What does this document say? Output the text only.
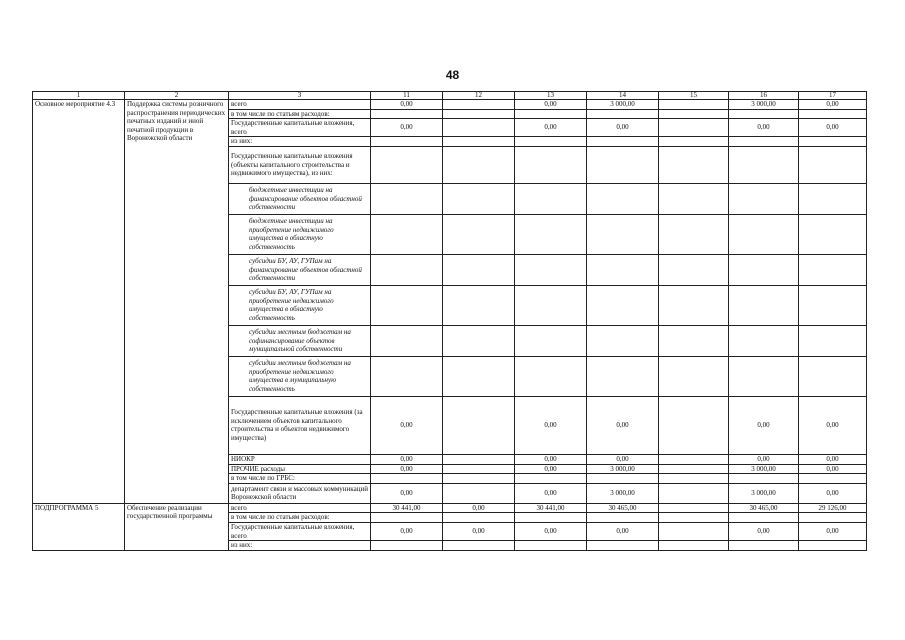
48
1	2	3	11	12	13	14	15	16	17
Основное мероприятие 4.3	Поддержка системы розничного распространения периодических печатных изданий и иной печатной продукции в Воронежской области	всего	0,00		0,00	3 000,00		3 000,00	0,00
		в том числе по статьям расходов:							
		Государственные капитальные вложения, всего	0,00		0,00	0,00		0,00	0,00
		из них:							
		Государственные капитальные вложения (объекты капитального строительства и недвижимого имущества), из них:							
		бюджетные инвестиции на финансирование объектов областной собственности							
		бюджетные инвестиции на приобретение недвижимого имущества в областную собственность							
		субсидии БУ, АУ, ГУПам на финансирование объектов областной собственности							
		субсидии БУ, АУ, ГУПам на приобретение недвижимого имущества в областную собственность							
		субсидии местным бюджетам на софинансирование объектов муниципальной собственности							
		субсидии местным бюджетам на приобретение недвижимого имущества в муниципальную собственность							
		Государственные капитальные вложения (за исключением объектов капитального строительства и объектов недвижимого имущества)	0,00		0,00	0,00		0,00	0,00
		НИОКР	0,00		0,00	0,00		0,00	0,00
		ПРОЧИЕ расходы	0,00		0,00	3 000,00		3 000,00	0,00
		в том числе по ГРБС:							
		департамент связи и массовых коммуникаций Воронежской области	0,00		0,00	3 000,00		3 000,00	0,00
ПОДПРОГРАММА 5	Обеспечение реализации государственной программы	всего	30 441,00	0,00	30 441,00	30 465,00		30 465,00	29 126,00
		в том числе по статьям расходов:							
		Государственные капитальные вложения, всего	0,00	0,00	0,00	0,00		0,00	0,00
		из них:							
